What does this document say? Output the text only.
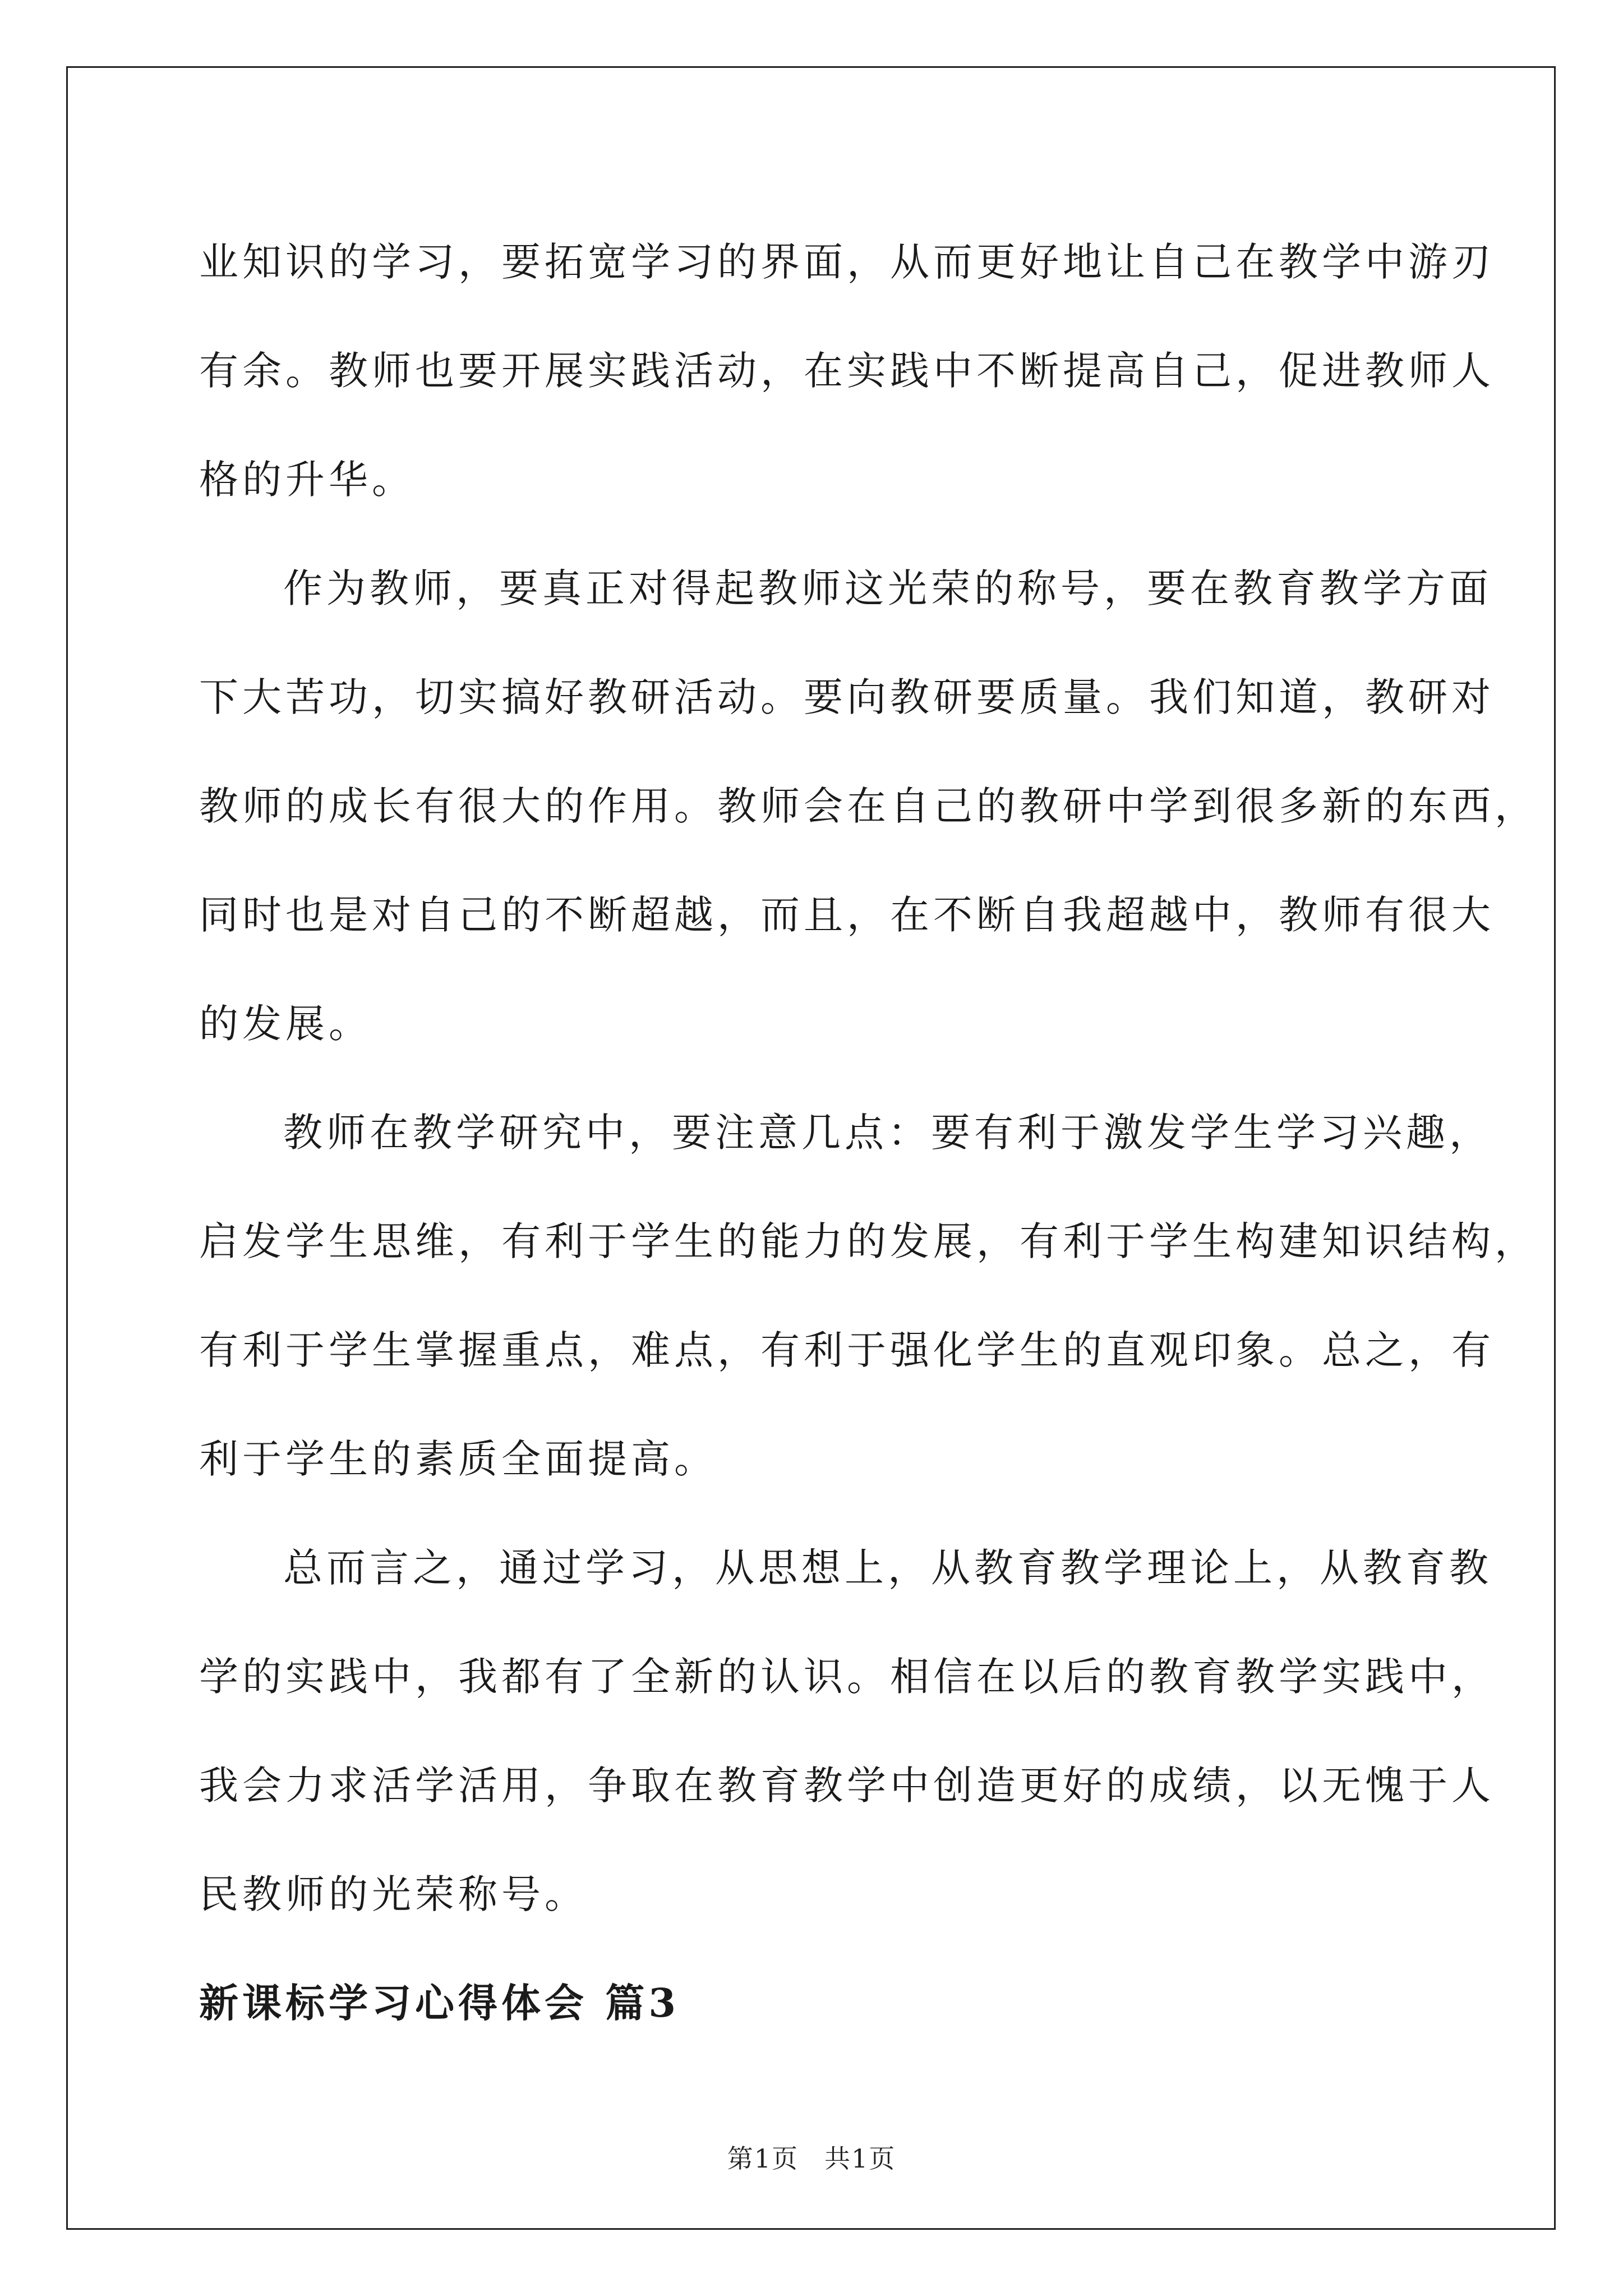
业知识的学习，要拓宽学习的界面，从而更好地让自己在教学中游刃
有余。教师也要开展实践活动，在实践中不断提高自己，促进教师人
格的升华。

作为教师，要真正对得起教师这光荣的称号，要在教育教学方面
下大苦功，切实搞好教研活动。要向教研要质量。我们知道，教研对
教师的成长有很大的作用。教师会在自己的教研中学到很多新的东西，
同时也是对自己的不断超越，而且，在不断自我超越中，教师有很大
的发展。

教师在教学研究中，要注意几点：要有利于激发学生学习兴趣，
启发学生思维，有利于学生的能力的发展，有利于学生构建知识结构，
有利于学生掌握重点，难点，有利于强化学生的直观印象。总之，有
利于学生的素质全面提高。

总而言之，通过学习，从思想上，从教育教学理论上，从教育教
学的实践中，我都有了全新的认识。相信在以后的教育教学实践中，
我会力求活学活用，争取在教育教学中创造更好的成绩，以无愧于人
民教师的光荣称号。

新课标学习心得体会 篇3
第1页 共1页
